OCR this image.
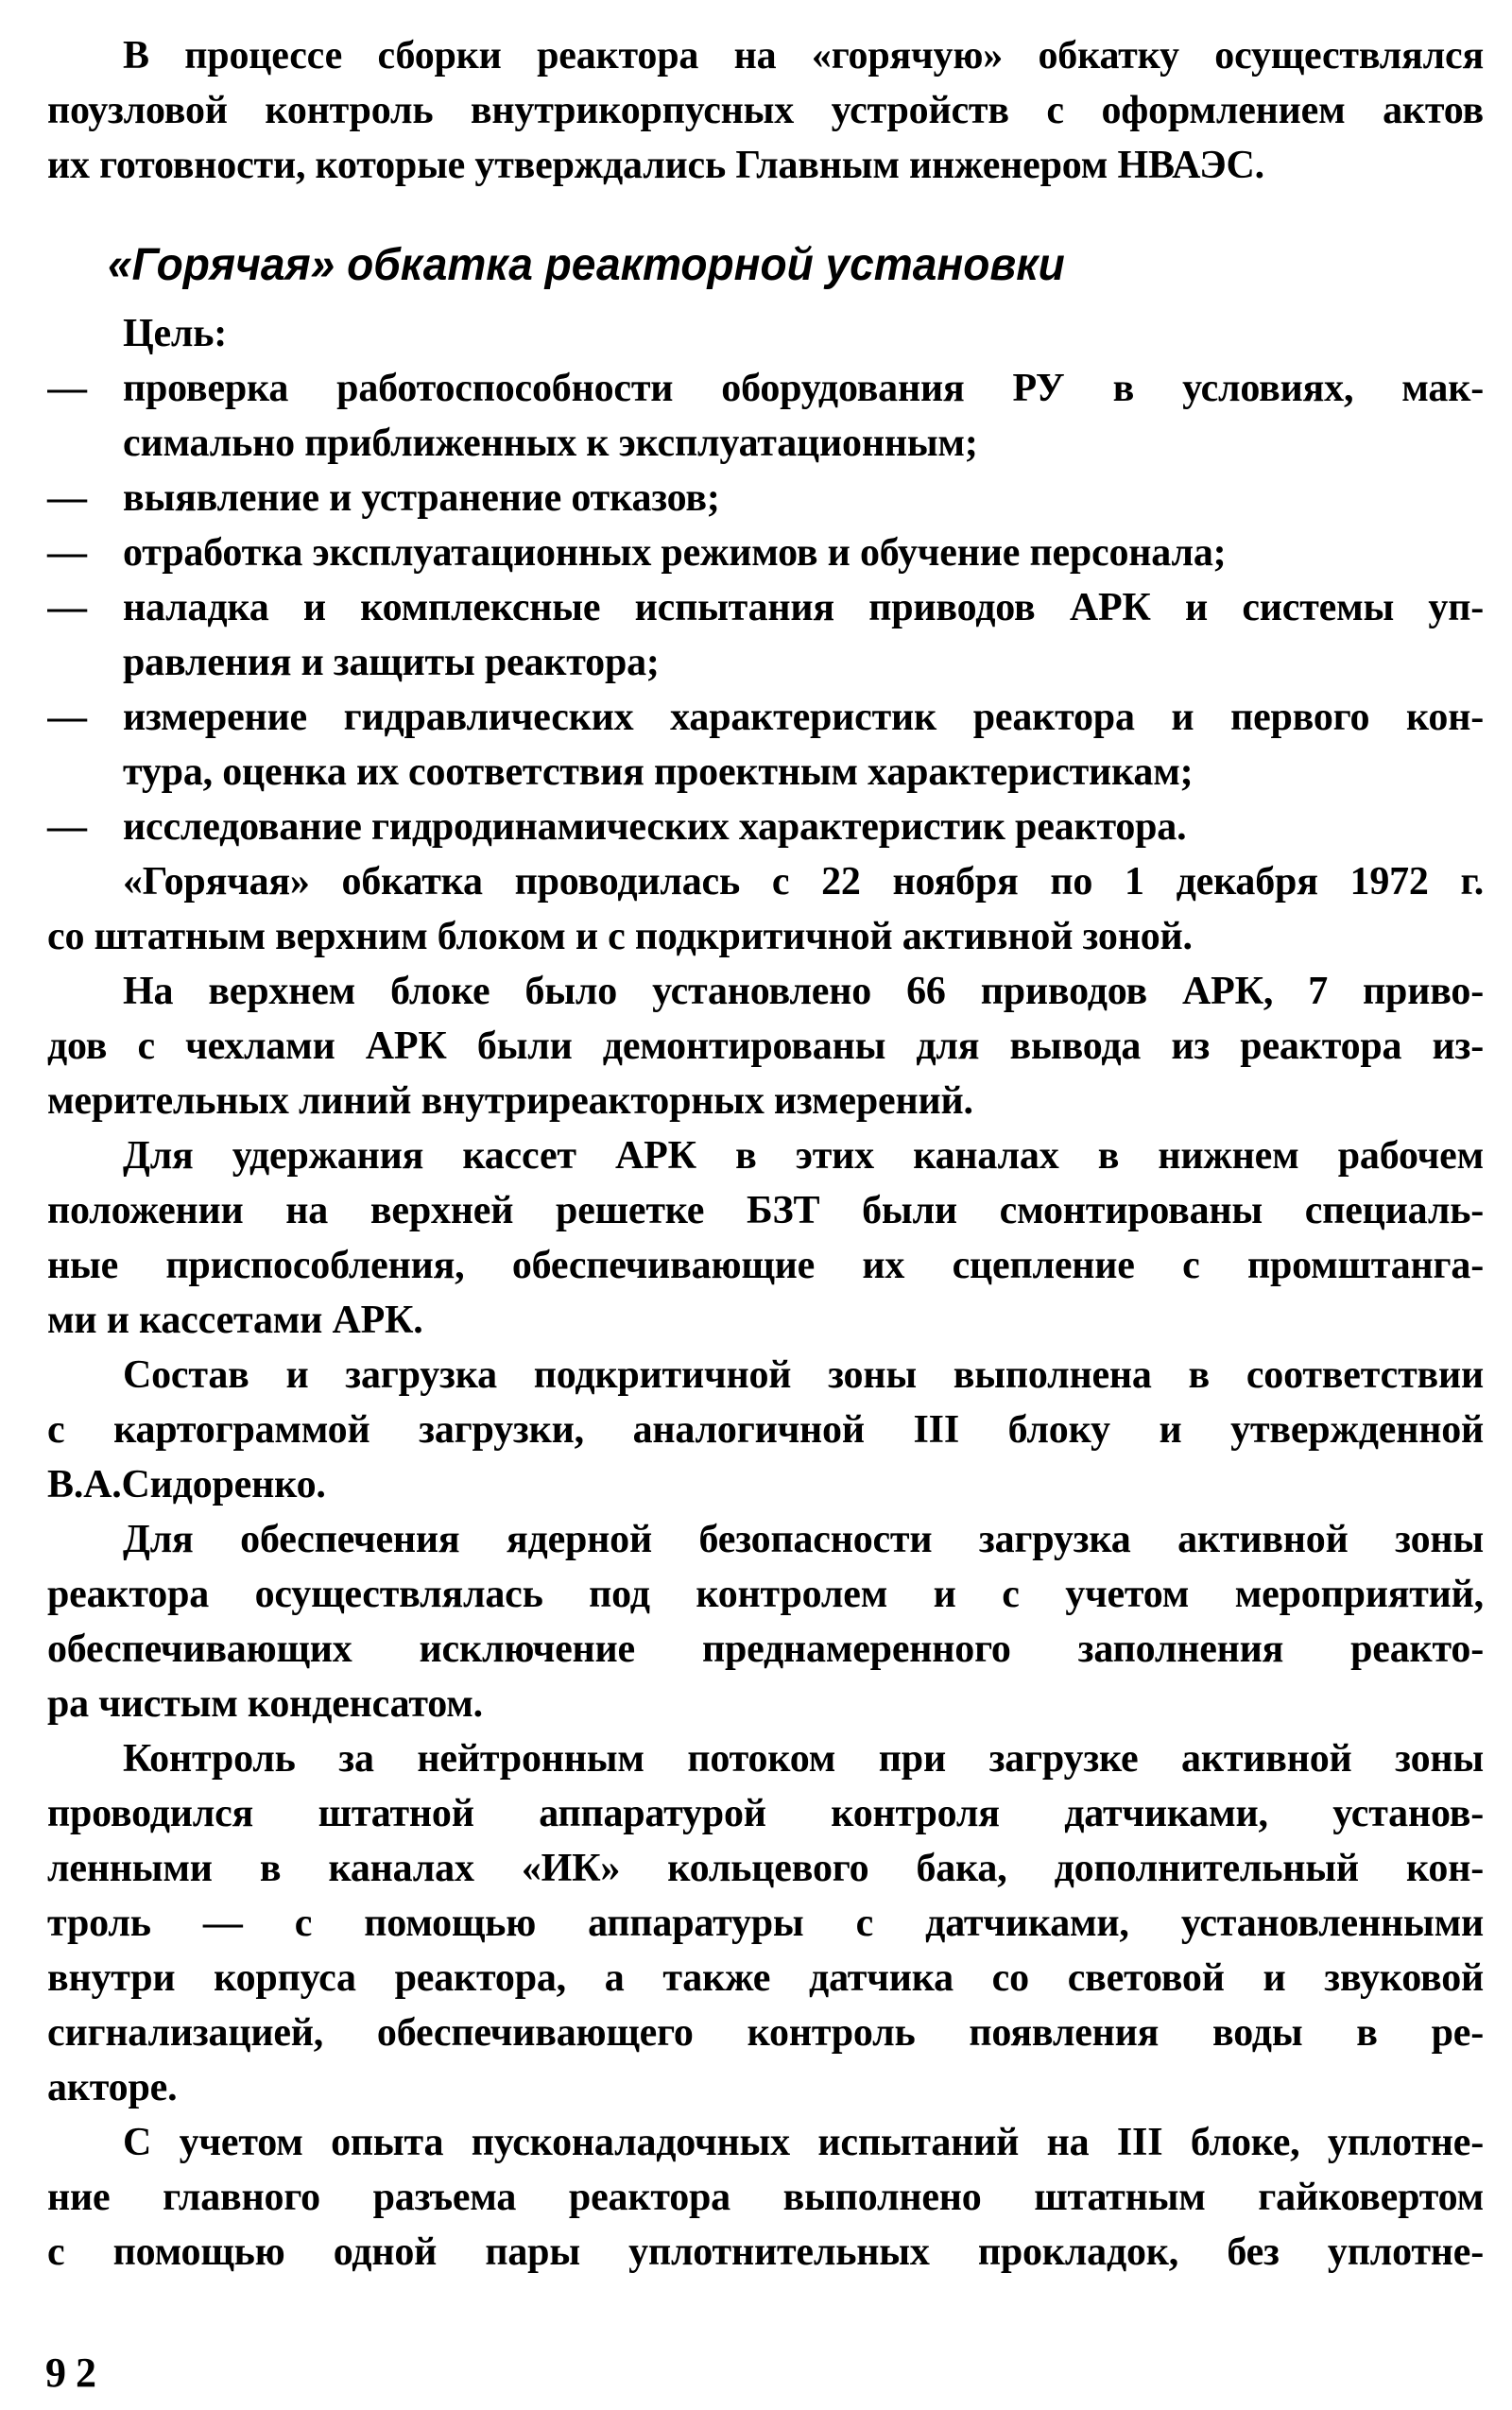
В процессе сборки реактора на «горячую» обкатку осуществлялся
поузловой контроль внутрикорпусных устройств с оформлением актов
их готовности, которые утверждались Главным инженером НВАЭС.
«Горячая» обкатка реакторной установки
Цель:
— проверка работоспособности оборудования РУ в условиях, мак-
симально приближенных к эксплуатационным;
— выявление и устранение отказов;
— отработка эксплуатационных режимов и обучение персонала;
— наладка и комплексные испытания приводов АРК и системы уп-
равления и защиты реактора;
— измерение гидравлических характеристик реактора и первого кон-
тура, оценка их соответствия проектным характеристикам;
— исследование гидродинамических характеристик реактора.
«Горячая» обкатка проводилась с 22 ноября по 1 декабря 1972 г.
со штатным верхним блоком и с подкритичной активной зоной.
На верхнем блоке было установлено 66 приводов АРК, 7 приво-
дов с чехлами АРК были демонтированы для вывода из реактора из-
мерительных линий внутриреакторных измерений.
Для удержания кассет АРК в этих каналах в нижнем рабочем
положении на верхней решетке БЗТ были смонтированы специаль-
ные приспособления, обеспечивающие их сцепление с промштанга-
ми и кассетами АРК.
Состав и загрузка подкритичной зоны выполнена в соответствии
с картограммой загрузки, аналогичной III блоку и утвержденной
В.А.Сидоренко.
Для обеспечения ядерной безопасности загрузка активной зоны
реактора осуществлялась под контролем и с учетом мероприятий,
обеспечивающих исключение преднамеренного заполнения реакто-
ра чистым конденсатом.
Контроль за нейтронным потоком при загрузке активной зоны
проводился штатной аппаратурой контроля датчиками, установ-
ленными в каналах «ИК» кольцевого бака, дополнительный кон-
троль — с помощью аппаратуры с датчиками, установленными
внутри корпуса реактора, а также датчика со световой и звуковой
сигнализацией, обеспечивающего контроль появления воды в ре-
акторе.
С учетом опыта пусконаладочных испытаний на III блоке, уплотне-
ние главного разъема реактора выполнено штатным гайковертом
с помощью одной пары уплотнительных прокладок, без уплотне-
92
